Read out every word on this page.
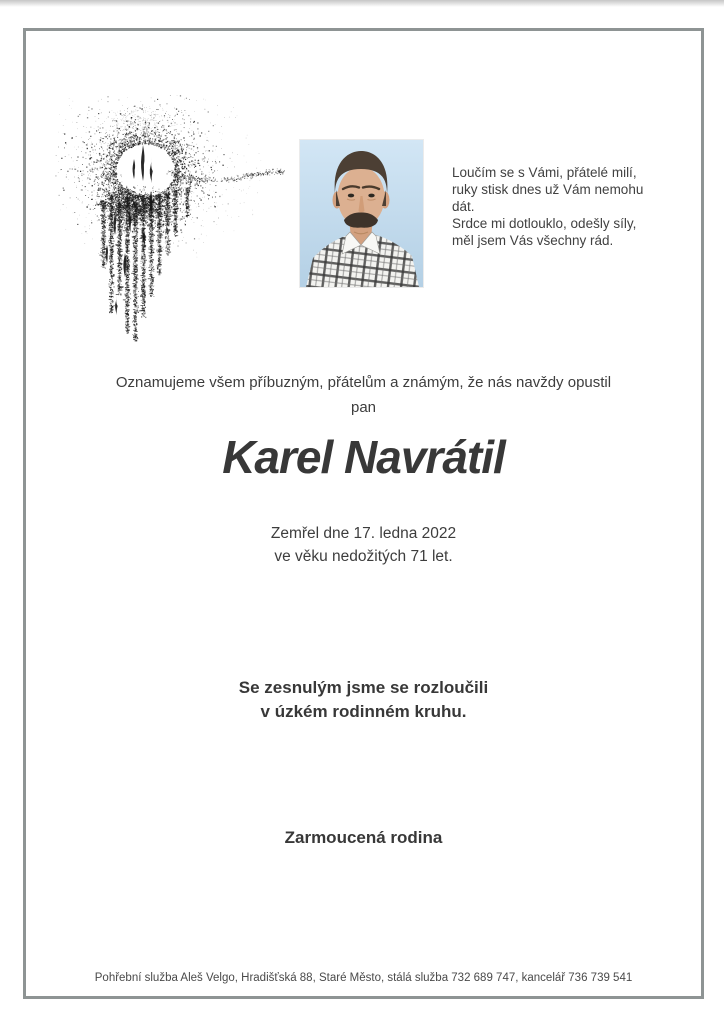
Loučím se s Vámi, přátelé milí,
ruky stisk dnes už Vám nemohu dát.
Srdce mi dotlouklo, odešly síly,
měl jsem Vás všechny rád.
Oznamujeme všem příbuzným, přátelům a známým, že nás navždy opustil
pan
Karel Navrátil
Zemřel dne 17. ledna 2022
ve věku nedožitých 71 let.
Se zesnulým jsme se rozloučili
v úzkém rodinném kruhu.
Zarmoucená rodina
Pohřební služba Aleš Velgo, Hradišťská 88, Staré Město, stálá služba 732 689 747, kancelář 736 739 541
